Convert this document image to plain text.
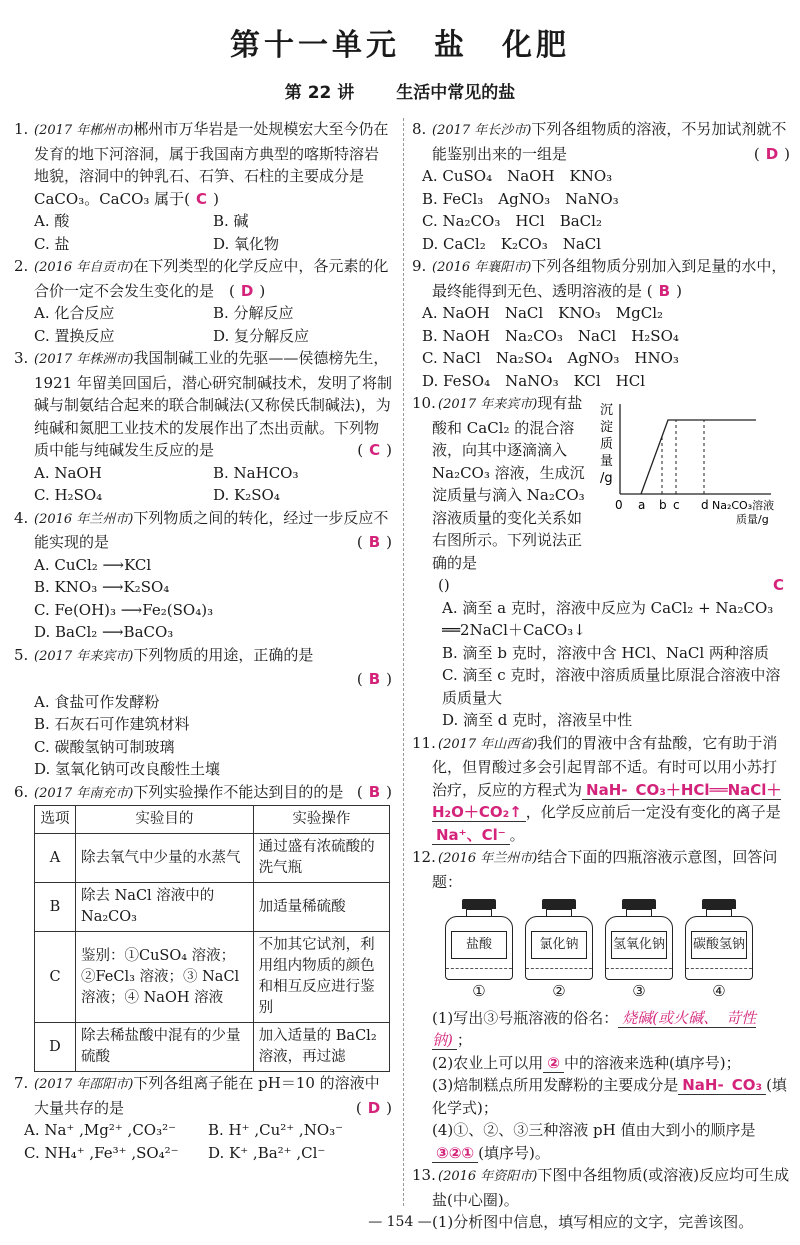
第十一单元　盐　化肥
第 22 讲 生活中常见的盐
1. (2017 年郴州市)郴州市万华岩是一处规模宏大至今仍在发育的地下河溶洞，属于我国南方典型的喀斯特溶岩地貌，溶洞中的钟乳石、石笋、石柱的主要成分是 CaCO₃。CaCO₃ 属于( C )
A. 酸	B. 碱
C. 盐	D. 氧化物
2. (2016 年自贡市)在下列类型的化学反应中，各元素的化合价一定不会发生变化的是　( D )
A. 化合反应	B. 分解反应
C. 置换反应	D. 复分解反应
3. (2017 年株洲市)我国制碱工业的先驱——侯德榜先生，1921 年留美回国后，潜心研究制碱技术，发明了将制碱与制氨结合起来的联合制碱法(又称侯氏制碱法)，为纯碱和氮肥工业技术的发展作出了杰出贡献。下列物质中能与纯碱发生反应的是	( C )
A. NaOH	B. NaHCO₃
C. H₂SO₄	D. K₂SO₄
4. (2016 年兰州市)下列物质之间的转化，经过一步反应不能实现的是	( B )
A. CuCl₂ ⟶KCl
B. KNO₃ ⟶K₂SO₄
C. Fe(OH)₃ ⟶Fe₂(SO₄)₃
D. BaCl₂ ⟶BaCO₃
5. (2017 年来宾市)下列物质的用途，正确的是
( B )
A. 食盐可作发酵粉
B. 石灰石可作建筑材料
C. 碳酸氢钠可制玻璃
D. 氢氧化钠可改良酸性土壤
6. (2017 年南充市)下列实验操作不能达到目的的是 ( B )
选项	实验目的	实验操作
A	除去氧气中少量的水蒸气	通过盛有浓硫酸的洗气瓶
B	除去 NaCl 溶液中的 Na₂CO₃	加适量稀硫酸
C	鉴别：①CuSO₄ 溶液；②FeCl₃ 溶液；③ NaCl 溶液；④ NaOH 溶液	不加其它试剂，利用组内物质的颜色和相互反应进行鉴别
D	除去稀盐酸中混有的少量硫酸	加入适量的 BaCl₂ 溶液，再过滤
7. (2017 年邵阳市)下列各组离子能在 pH＝10 的溶液中大量共存的是	( D )
A. Na⁺ ,Mg²⁺ ,CO₃²⁻	B. H⁺ ,Cu²⁺ ,NO₃⁻
C. NH₄⁺ ,Fe³⁺ ,SO₄²⁻	D. K⁺ ,Ba²⁺ ,Cl⁻
8. (2017 年长沙市)下列各组物质的溶液，不另加试剂就不能鉴别出来的一组是	( D )
A. CuSO₄　NaOH　KNO₃
B. FeCl₃　AgNO₃　NaNO₃
C. Na₂CO₃　HCl　BaCl₂
D. CaCl₂　K₂CO₃　NaCl
9. (2016 年襄阳市)下列各组物质分别加入到足量的水中，最终能得到无色、透明溶液的是 ( B )
A. NaOH　NaCl　KNO₃　MgCl₂
B. NaOH　Na₂CO₃　NaCl　H₂SO₄
C. NaCl　Na₂SO₄　AgNO₃　HNO₃
D. FeSO₄　NaNO₃　KCl　HCl
10. (2017 年来宾市)现有盐酸和 CaCl₂ 的混合溶液，向其中逐滴滴入 Na₂CO₃ 溶液，生成沉淀质量与滴入 Na₂CO₃ 溶液质量的变化关系如右图所示。下列说法正确的是
沉
淀
质
量
/g
0 a b c d Na₂CO₃溶液
质量/g
(	C
)
A. 滴至 a 克时，溶液中反应为 CaCl₂ + Na₂CO₃ ══2NaCl＋CaCO₃↓
B. 滴至 b 克时，溶液中含 HCl、NaCl 两种溶质
C. 滴至 c 克时，溶液中溶质质量比原混合溶液中溶质质量大
D. 滴至 d 克时，溶液呈中性
11. (2017 年山西省)我们的胃液中含有盐酸，它有助于消化，但胃酸过多会引起胃部不适。有时可以用小苏打治疗，反应的方程式为 NaH- CO₃＋HCl══NaCl＋H₂O＋CO₂↑ ，化学反应前后一定没有变化的离子是Na⁺、Cl⁻ 。
12. (2016 年兰州市)结合下面的四瓶溶液示意图，回答问题：
盐酸
①
氯化钠
②
氢氧化钠
③
碳酸氢钠
④
(1)写出③号瓶溶液的俗名： 烧碱(或火碱、 苛性钠) ；
(2)农业上可以用 ② 中的溶液来选种(填序号)；
(3)焙制糕点所用发酵粉的主要成分是 NaH- CO₃ (填化学式)；
(4)①、②、③三种溶液 pH 值由大到小的顺序是③②① (填序号)。
13. (2016 年资阳市)下图中各组物质(或溶液)反应均可生成盐(中心圈)。
(1)分析图中信息，填写相应的文字，完善该图。
— 154 —
